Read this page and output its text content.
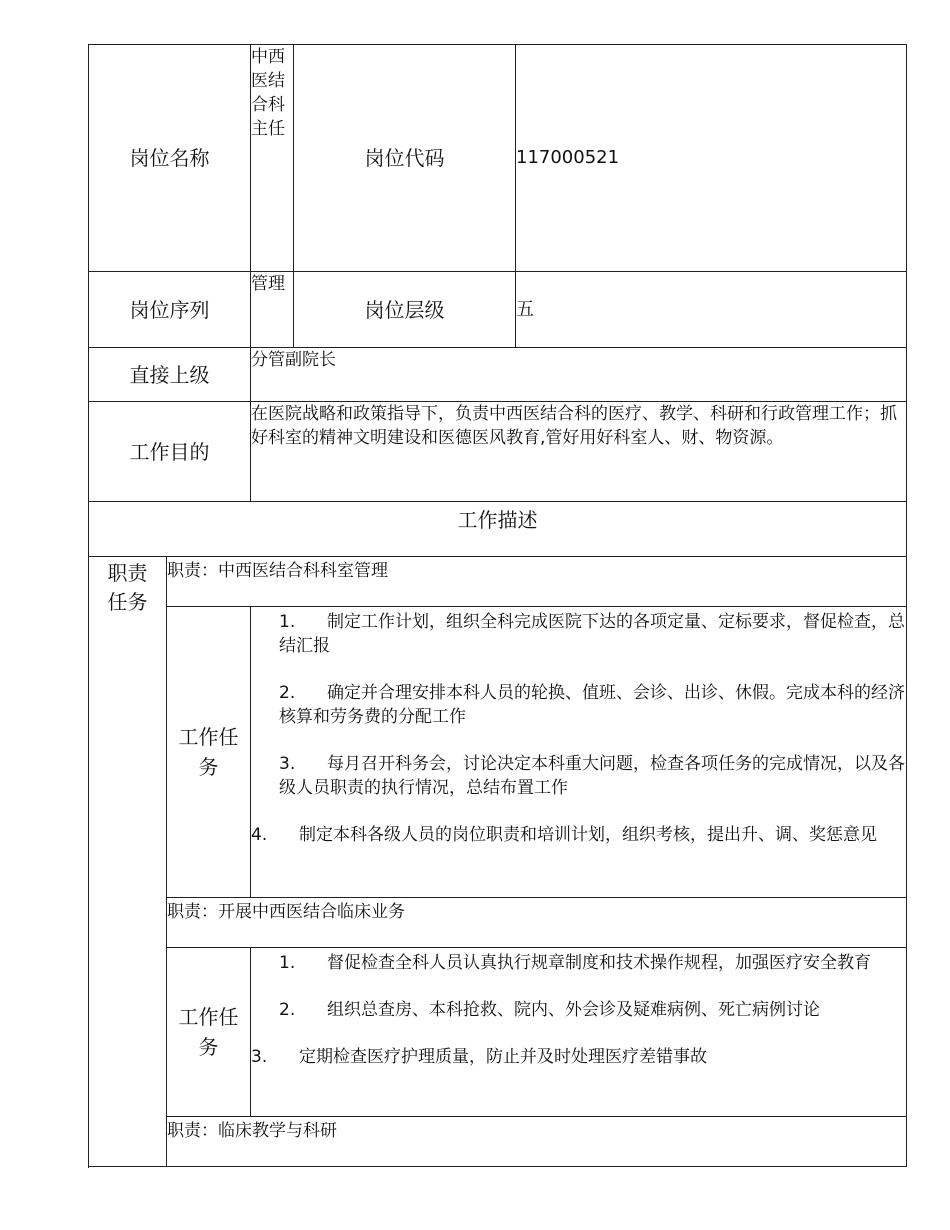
岗位名称		中西医结合科主任	岗位代码	117000521
岗位序列		管理	岗位层级	五
直接上级		分管副院长		
工作目的		在医院战略和政策指导下，负责中西医结合科的医疗、教学、科研和行政管理工作；抓好科室的精神文明建设和医德医风教育,管好用好科室人、财、物资源。		
工作描述				

职责任务	职责：中西医结合科科室管理			

	工作任务	1. 制定工作计划，组织全科完成医院下达的各项定量、定标要求，督促检查，总结汇报

2. 确定并合理安排本科人员的轮换、值班、会诊、出诊、休假。完成本科的经济核算和劳务费的分配工作

3. 每月召开科务会，讨论决定本科重大问题，检查各项任务的完成情况，以及各级人员职责的执行情况，总结布置工作

4. 制定本科各级人员的岗位职责和培训计划，组织考核，提出升、调、奖惩意见		

	职责：开展中西医结合临床业务			

	工作任务	1. 督促检查全科人员认真执行规章制度和技术操作规程，加强医疗安全教育

2. 组织总查房、本科抢救、院内、外会诊及疑难病例、死亡病例讨论

3. 定期检查医疗护理质量，防止并及时处理医疗差错事故		

	职责：临床教学与科研			
